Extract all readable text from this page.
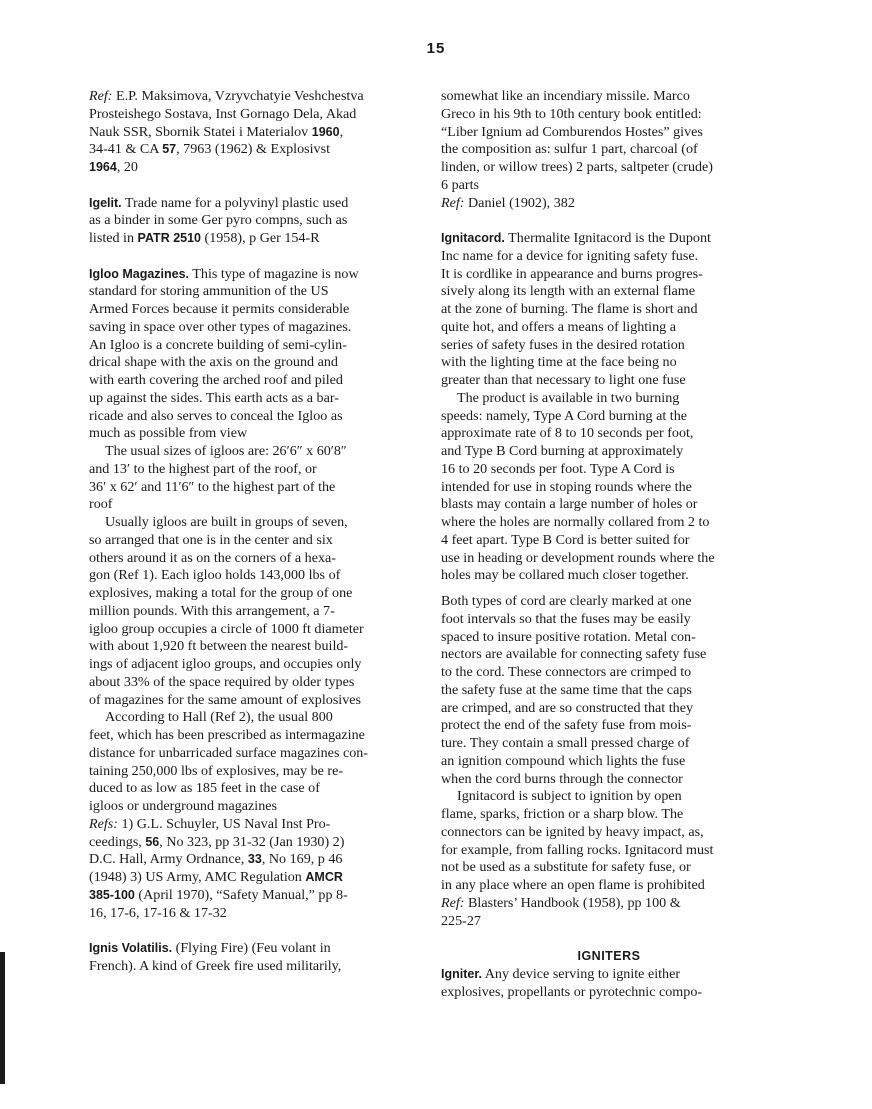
15
Ref: E.P. Maksimova, Vzryvchatyie Veshchestva
Prosteishego Sostava, Inst Gornago Dela, Akad
Nauk SSR, Sbornik Statei i Materialov 1960,
34-41 & CA 57, 7963 (1962) & Explosivst
1964, 20
Igelit. Trade name for a polyvinyl plastic used
as a binder in some Ger pyro compns, such as
listed in PATR 2510 (1958), p Ger 154-R
Igloo Magazines. This type of magazine is now
standard for storing ammunition of the US
Armed Forces because it permits considerable
saving in space over other types of magazines.
An Igloo is a concrete building of semi-cylin-
drical shape with the axis on the ground and
with earth covering the arched roof and piled
up against the sides. This earth acts as a bar-
ricade and also serves to conceal the Igloo as
much as possible from view
The usual sizes of igloos are: 26′6″ x 60′8″
and 13′ to the highest part of the roof, or
36′ x 62′ and 11′6″ to the highest part of the
roof
Usually igloos are built in groups of seven,
so arranged that one is in the center and six
others around it as on the corners of a hexa-
gon (Ref 1). Each igloo holds 143,000 lbs of
explosives, making a total for the group of one
million pounds. With this arrangement, a 7-
igloo group occupies a circle of 1000 ft diameter
with about 1,920 ft between the nearest build-
ings of adjacent igloo groups, and occupies only
about 33% of the space required by older types
of magazines for the same amount of explosives
According to Hall (Ref 2), the usual 800
feet, which has been prescribed as intermagazine
distance for unbarricaded surface magazines con-
taining 250,000 lbs of explosives, may be re-
duced to as low as 185 feet in the case of
igloos or underground magazines
Refs: 1) G.L. Schuyler, US Naval Inst Pro-
ceedings, 56, No 323, pp 31-32 (Jan 1930) 2)
D.C. Hall, Army Ordnance, 33, No 169, p 46
(1948) 3) US Army, AMC Regulation AMCR
385-100 (April 1970), “Safety Manual,” pp 8-
16, 17-6, 17-16 & 17-32
Ignis Volatilis. (Flying Fire) (Feu volant in
French). A kind of Greek fire used militarily,
somewhat like an incendiary missile. Marco
Greco in his 9th to 10th century book entitled:
“Liber Ignium ad Comburendos Hostes” gives
the composition as: sulfur 1 part, charcoal (of
linden, or willow trees) 2 parts, saltpeter (crude)
6 parts
Ref: Daniel (1902), 382
Ignitacord. Thermalite Ignitacord is the Dupont
Inc name for a device for igniting safety fuse.
It is cordlike in appearance and burns progres-
sively along its length with an external flame
at the zone of burning. The flame is short and
quite hot, and offers a means of lighting a
series of safety fuses in the desired rotation
with the lighting time at the face being no
greater than that necessary to light one fuse
The product is available in two burning
speeds: namely, Type A Cord burning at the
approximate rate of 8 to 10 seconds per foot,
and Type B Cord burning at approximately
16 to 20 seconds per foot. Type A Cord is
intended for use in stoping rounds where the
blasts may contain a large number of holes or
where the holes are normally collared from 2 to
4 feet apart. Type B Cord is better suited for
use in heading or development rounds where the
holes may be collared much closer together.
Both types of cord are clearly marked at one
foot intervals so that the fuses may be easily
spaced to insure positive rotation. Metal con-
nectors are available for connecting safety fuse
to the cord. These connectors are crimped to
the safety fuse at the same time that the caps
are crimped, and are so constructed that they
protect the end of the safety fuse from mois-
ture. They contain a small pressed charge of
an ignition compound which lights the fuse
when the cord burns through the connector
Ignitacord is subject to ignition by open
flame, sparks, friction or a sharp blow. The
connectors can be ignited by heavy impact, as,
for example, from falling rocks. Ignitacord must
not be used as a substitute for safety fuse, or
in any place where an open flame is prohibited
Ref: Blasters’ Handbook (1958), pp 100 &
225-27
IGNITERS
Igniter. Any device serving to ignite either
explosives, propellants or pyrotechnic compo-
